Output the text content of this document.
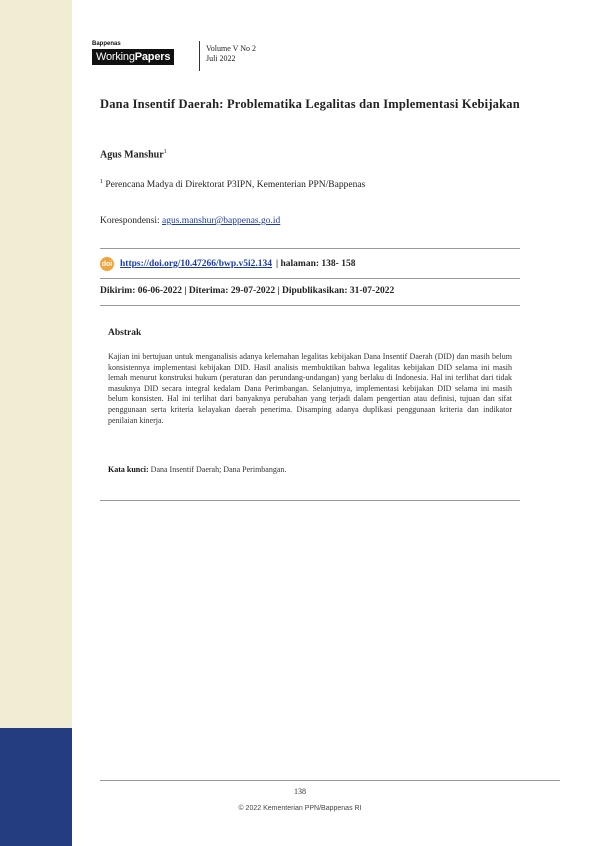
Bappenas
WorkingPapers
Volume V No 2
Juli 2022
Dana Insentif Daerah: Problematika Legalitas dan Implementasi Kebijakan
Agus Manshur$^1$
$^1$ Perencana Madya di Direktorat P3IPN, Kementerian PPN/Bappenas
Korespondensi: agus.manshur@bappenas.go.id
doi https://doi.org/10.47266/bwp.v5i2.134 | halaman: 138- 158
Dikirim: 06-06-2022 | Diterima: 29-07-2022 | Dipublikasikan: 31-07-2022
Abstrak
Kajian ini bertujuan untuk menganalisis adanya kelemahan legalitas kebijakan Dana Insentif Daerah (DID) dan masih belum konsistennya implementasi kebijakan DID. Hasil analisis membuktikan bahwa legalitas kebijakan DID selama ini masih lemah menurut konstruksi hukum (peraturan dan perundang-undangan) yang berlaku di Indonesia. Hal ini terlihat dari tidak masuknya DID secara integral kedalam Dana Perimbangan. Selanjutnya, implementasi kebijakan DID selama ini masih belum konsisten. Hal ini terlihat dari banyaknya perubahan yang terjadi dalam pengertian atau definisi, tujuan dan sifat penggunaan serta kriteria kelayakan daerah penerima. Disamping adanya duplikasi penggunaan kriteria dan indikator penilaian kinerja.
Kata kunci: Dana Insentif Daerah; Dana Perimbangan.
138
© 2022 Kementerian PPN/Bappenas RI
